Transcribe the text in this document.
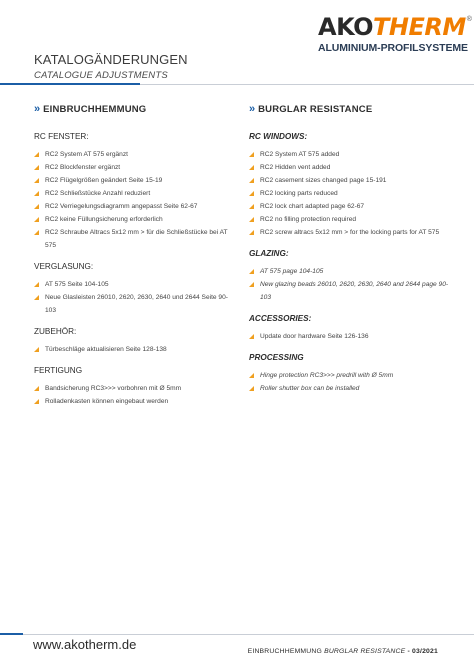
AKOTHERM ®
ALUMINIUM-PROFILSYSTEME
KATALOGÄNDERUNGEN
CATALOGUE ADJUSTMENTS
» EINBRUCHHEMMUNG
RC FENSTER:
RC2 System AT 575 ergänzt
RC2 Blockfenster ergänzt
RC2 Flügelgrößen geändert Seite 15-19
RC2 Schließstücke Anzahl reduziert
RC2 Verriegelungsdiagramm angepasst Seite 62-67
RC2 keine Füllungsicherung erforderlich
RC2 Schraube Altracs 5x12 mm > für die Schließstücke bei AT 575
VERGLASUNG:
AT 575 Seite 104-105
Neue Glasleisten 26010, 2620, 2630, 2640 und 2644 Seite 90-103
ZUBEHÖR:
Türbeschläge aktualisieren Seite 128-138
FERTIGUNG
Bandsicherung RC3>>> vorbohren mit Ø 5mm
Rolladenkasten können eingebaut werden
» BURGLAR RESISTANCE
RC WINDOWS:
RC2 System AT 575 added
RC2 Hidden vent added
RC2 casement sizes changed page 15-191
RC2 locking parts reduced
RC2 lock chart adapted page 62-67
RC2 no filling protection required
RC2 screw altracs 5x12 mm > for the locking parts for AT 575
GLAZING:
AT 575 page 104-105
New glazing beads 26010, 2620, 2630, 2640 and 2644 page 90-103
ACCESSORIES:
Update door hardware Seite 126-136
PROCESSING
Hinge protection RC3>>> predrill with Ø 5mm
Roller shutter box can be installed
www.akotherm.de	EINBRUCHHEMMUNG BURGLAR RESISTANCE - 03/2021
